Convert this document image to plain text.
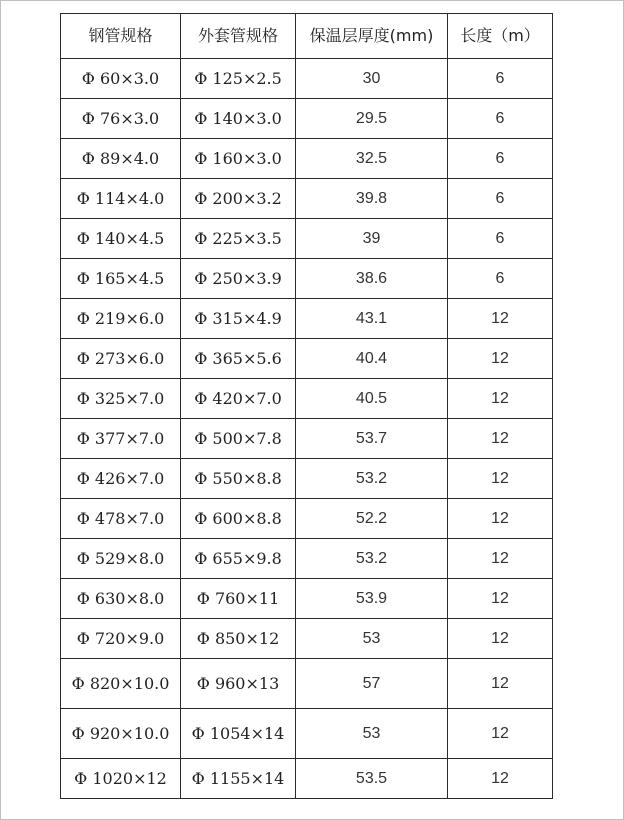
钢管规格	外套管规格	保温层厚度(mm)	长度（m）
Φ 60×3.0	Φ 125×2.5	30	6
Φ 76×3.0	Φ 140×3.0	29.5	6
Φ 89×4.0	Φ 160×3.0	32.5	6
Φ 114×4.0	Φ 200×3.2	39.8	6
Φ 140×4.5	Φ 225×3.5	39	6
Φ 165×4.5	Φ 250×3.9	38.6	6
Φ 219×6.0	Φ 315×4.9	43.1	12
Φ 273×6.0	Φ 365×5.6	40.4	12
Φ 325×7.0	Φ 420×7.0	40.5	12
Φ 377×7.0	Φ 500×7.8	53.7	12
Φ 426×7.0	Φ 550×8.8	53.2	12
Φ 478×7.0	Φ 600×8.8	52.2	12
Φ 529×8.0	Φ 655×9.8	53.2	12
Φ 630×8.0	Φ 760×11	53.9	12
Φ 720×9.0	Φ 850×12	53	12
Φ 820×10.0	Φ 960×13	57	12
Φ 920×10.0	Φ 1054×14	53	12
Φ 1020×12	Φ 1155×14	53.5	12
